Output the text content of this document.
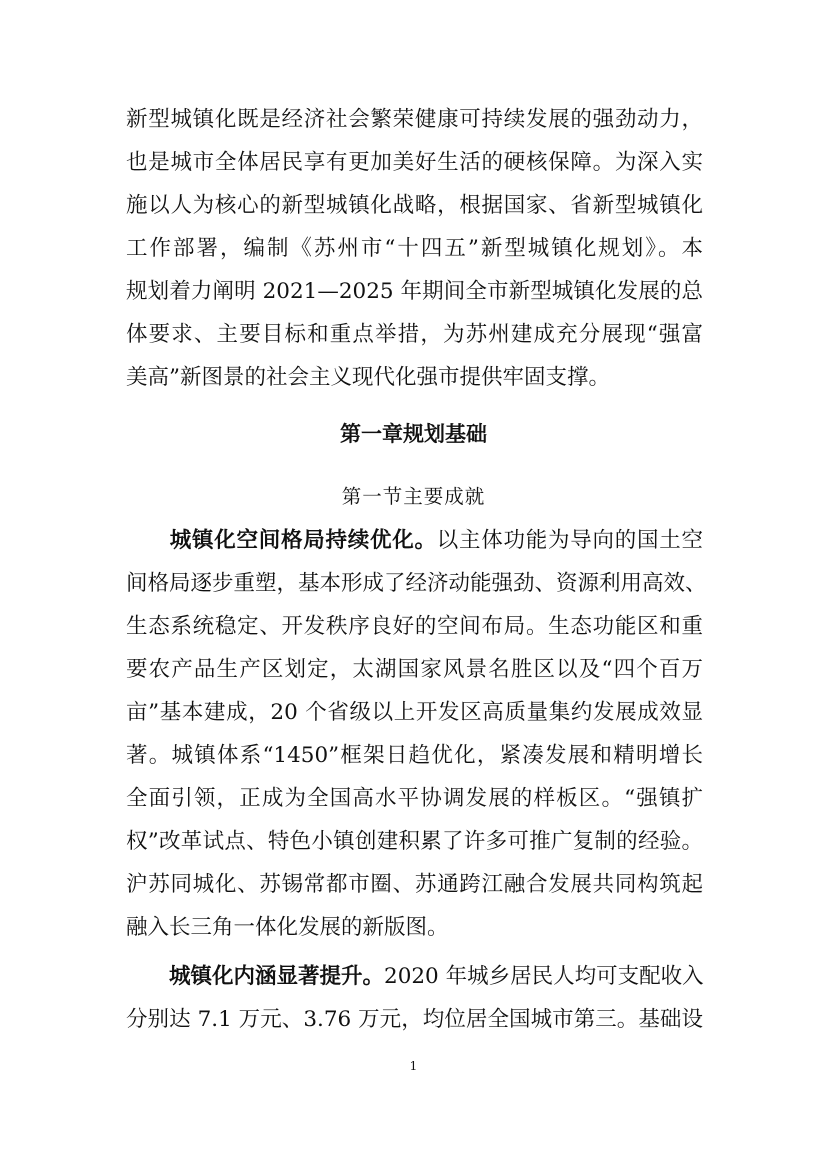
新型城镇化既是经济社会繁荣健康可持续发展的强劲动力，
也是城市全体居民享有更加美好生活的硬核保障。为深入实
施以人为核心的新型城镇化战略，根据国家、省新型城镇化
工作部署，编制《苏州市“十四五”新型城镇化规划》。本
规划着力阐明 2021—2025 年期间全市新型城镇化发展的总
体要求、主要目标和重点举措，为苏州建成充分展现“强富
美高”新图景的社会主义现代化强市提供牢固支撑。
第一章规划基础
第一节主要成就
城镇化空间格局持续优化。以主体功能为导向的国土空
间格局逐步重塑，基本形成了经济动能强劲、资源利用高效、
生态系统稳定、开发秩序良好的空间布局。生态功能区和重
要农产品生产区划定，太湖国家风景名胜区以及“四个百万
亩”基本建成，20 个省级以上开发区高质量集约发展成效显
著。城镇体系“1450”框架日趋优化，紧凑发展和精明增长
全面引领，正成为全国高水平协调发展的样板区。“强镇扩
权”改革试点、特色小镇创建积累了许多可推广复制的经验。
沪苏同城化、苏锡常都市圈、苏通跨江融合发展共同构筑起
融入长三角一体化发展的新版图。
城镇化内涵显著提升。2020 年城乡居民人均可支配收入
分别达 7.1 万元、3.76 万元，均位居全国城市第三。基础设
1
